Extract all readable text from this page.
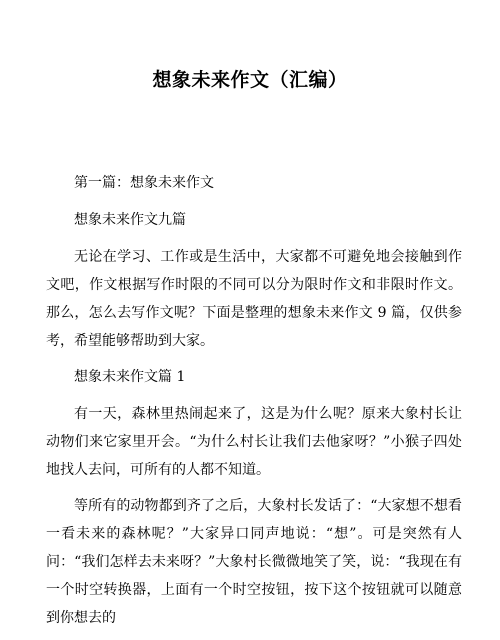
想象未来作文（汇编）

第一篇：想象未来作文

想象未来作文九篇

无论在学习、工作或是生活中，大家都不可避免地会接触到作文吧，作文根据写作时限的不同可以分为限时作文和非限时作文。那么，怎么去写作文呢？下面是整理的想象未来作文 9 篇，仅供参考，希望能够帮助到大家。

想象未来作文篇 1

有一天，森林里热闹起来了，这是为什么呢？原来大象村长让动物们来它家里开会。“为什么村长让我们去他家呀？”小猴子四处地找人去问，可所有的人都不知道。

等所有的动物都到齐了之后，大象村长发话了：“大家想不想看一看未来的森林呢？”大家异口同声地说：“想”。可是突然有人问：“我们怎样去未来呀？”大象村长微微地笑了笑，说：“我现在有一个时空转换器，上面有一个时空按钮，按下这个按钮就可以随意到你想去的
